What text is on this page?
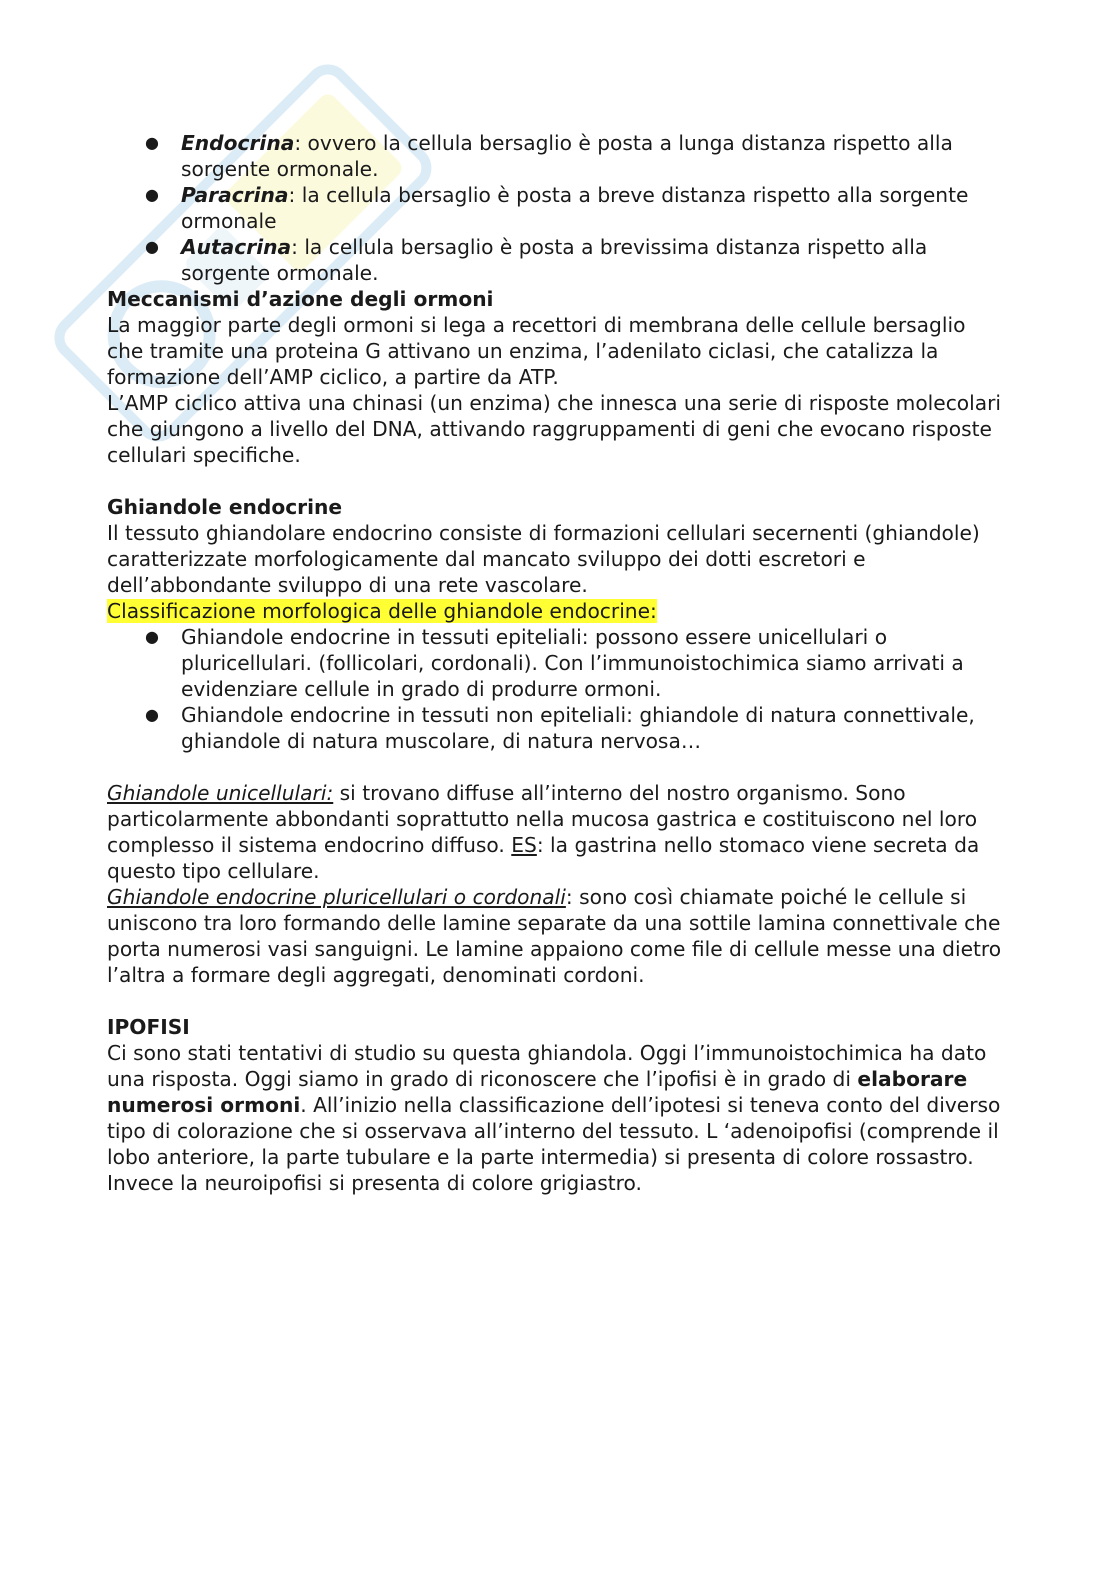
● Endocrina: ovvero la cellula bersaglio è posta a lunga distanza rispetto alla sorgente ormonale.
● Paracrina: la cellula bersaglio è posta a breve distanza rispetto alla sorgente ormonale
● Autacrina: la cellula bersaglio è posta a brevissima distanza rispetto alla sorgente ormonale.
Meccanismi d’azione degli ormoni

La maggior parte degli ormoni si lega a recettori di membrana delle cellule bersaglio che tramite una proteina G attivano un enzima, l’adenilato ciclasi, che catalizza la formazione dell’AMP ciclico, a partire da ATP.

L’AMP ciclico attiva una chinasi (un enzima) che innesca una serie di risposte molecolari che giungono a livello del DNA, attivando raggruppamenti di geni che evocano risposte cellulari specifiche.

Ghiandole endocrine

Il tessuto ghiandolare endocrino consiste di formazioni cellulari secernenti (ghiandole) caratterizzate morfologicamente dal mancato sviluppo dei dotti escretori e dell’abbondante sviluppo di una rete vascolare.

Classificazione morfologica delle ghiandole endocrine:

● Ghiandole endocrine in tessuti epiteliali: possono essere unicellulari o pluricellulari. (follicolari, cordonali). Con l’immunoistochimica siamo arrivati a evidenziare cellule in grado di produrre ormoni.
● Ghiandole endocrine in tessuti non epiteliali: ghiandole di natura connettivale, ghiandole di natura muscolare, di natura nervosa…

Ghiandole unicellulari: si trovano diffuse all’interno del nostro organismo. Sono particolarmente abbondanti soprattutto nella mucosa gastrica e costituiscono nel loro complesso il sistema endocrino diffuso. ES: la gastrina nello stomaco viene secreta da questo tipo cellulare.

Ghiandole endocrine pluricellulari o cordonali: sono così chiamate poiché le cellule si uniscono tra loro formando delle lamine separate da una sottile lamina connettivale che porta numerosi vasi sanguigni. Le lamine appaiono come file di cellule messe una dietro l’altra a formare degli aggregati, denominati cordoni.

IPOFISI

Ci sono stati tentativi di studio su questa ghiandola. Oggi l’immunoistochimica ha dato una risposta. Oggi siamo in grado di riconoscere che l’ipofisi è in grado di elaborare numerosi ormoni. All’inizio nella classificazione dell’ipotesi si teneva conto del diverso tipo di colorazione che si osservava all’interno del tessuto. L ‘adenoipofisi (comprende il lobo anteriore, la parte tubulare e la parte intermedia) si presenta di colore rossastro. Invece la neuroipofisi si presenta di colore grigiastro.
